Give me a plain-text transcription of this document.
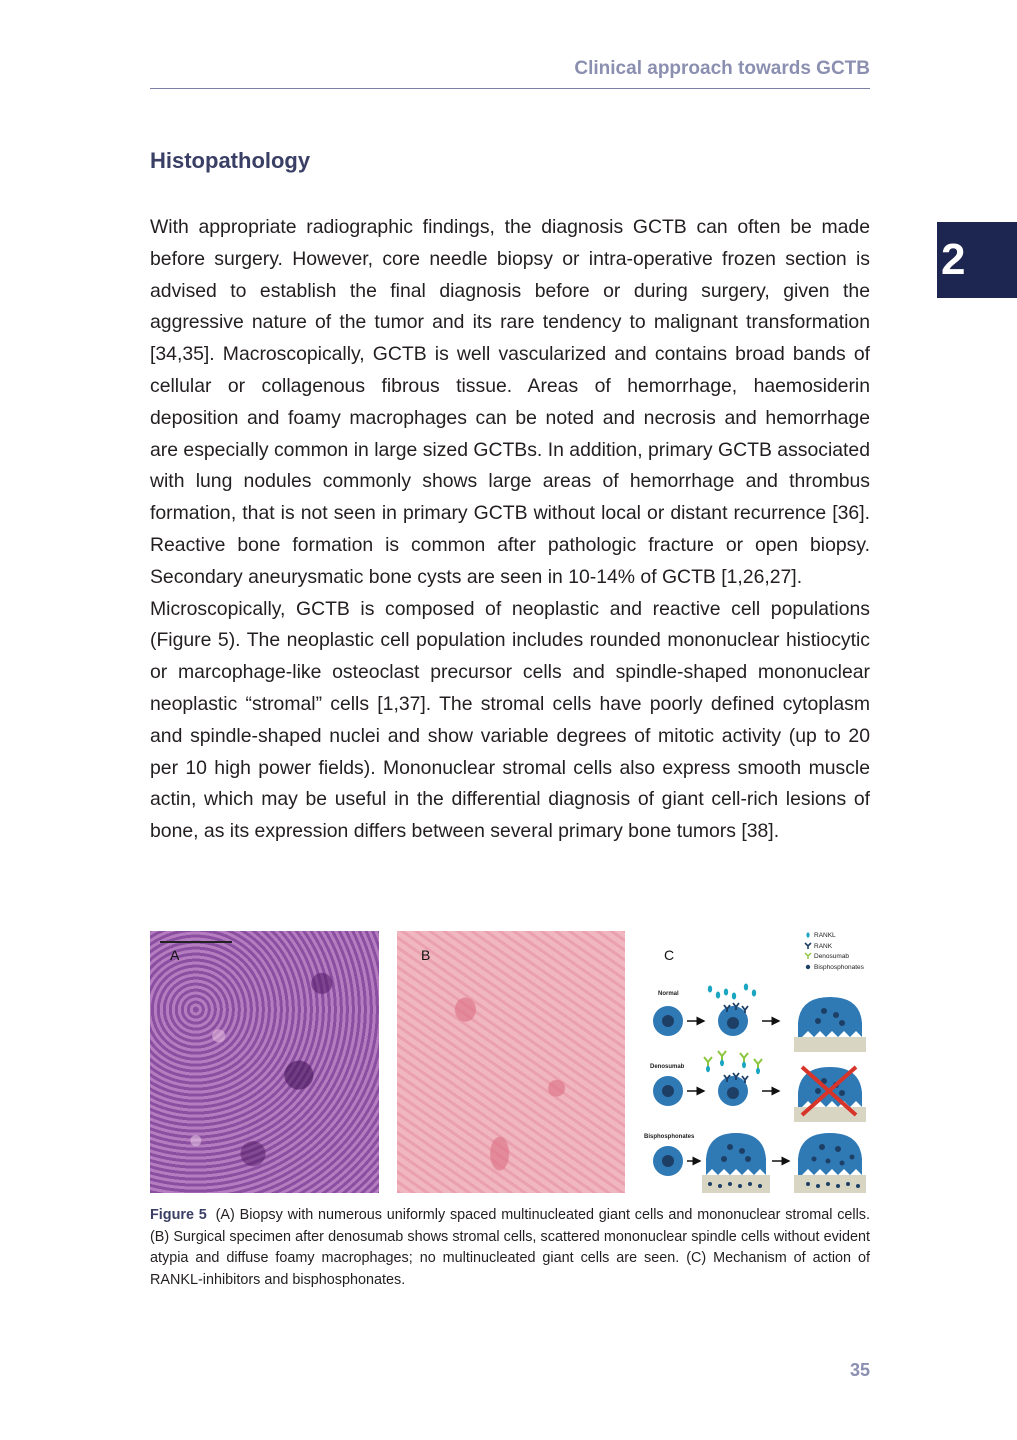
Clinical approach towards GCTB
2
Histopathology

With appropriate radiographic findings, the diagnosis GCTB can often be made before surgery. However, core needle biopsy or intra-operative frozen section is advised to establish the final diagnosis before or during surgery, given the aggressive nature of the tumor and its rare tendency to malignant transformation [34,35]. Macroscopically, GCTB is well vascularized and contains broad bands of cellular or collagenous fibrous tissue. Areas of hemorrhage, haemosiderin deposition and foamy macrophages can be noted and necrosis and hemorrhage are especially common in large sized GCTBs. In addition, primary GCTB associated with lung nodules commonly shows large areas of hemorrhage and thrombus formation, that is not seen in primary GCTB without local or distant recurrence [36]. Reactive bone formation is common after pathologic fracture or open biopsy. Secondary aneurysmatic bone cysts are seen in 10-14% of GCTB [1,26,27].

Microscopically, GCTB is composed of neoplastic and reactive cell populations (Figure 5). The neoplastic cell population includes rounded mononuclear histiocytic or marcophage-like osteoclast precursor cells and spindle-shaped mononuclear neoplastic “stromal” cells [1,37]. The stromal cells have poorly defined cytoplasm and spindle-shaped nuclei and show variable degrees of mitotic activity (up to 20 per 10 high power fields). Mononuclear stromal cells also express smooth muscle actin, which may be useful in the differential diagnosis of giant cell-rich lesions of bone, as its expression differs between several primary bone tumors [38].

A	B	C
RANKL
RANK
Denosumab
Bisphosphonates
Normal
Denosumab
Bisphosphonates
Figure 5 (A) Biopsy with numerous uniformly spaced multinucleated giant cells and mononuclear stromal cells. (B) Surgical specimen after denosumab shows stromal cells, scattered mononuclear spindle cells without evident atypia and diffuse foamy macrophages; no multinucleated giant cells are seen. (C) Mechanism of action of RANKL-inhibitors and bisphosphonates.
35
